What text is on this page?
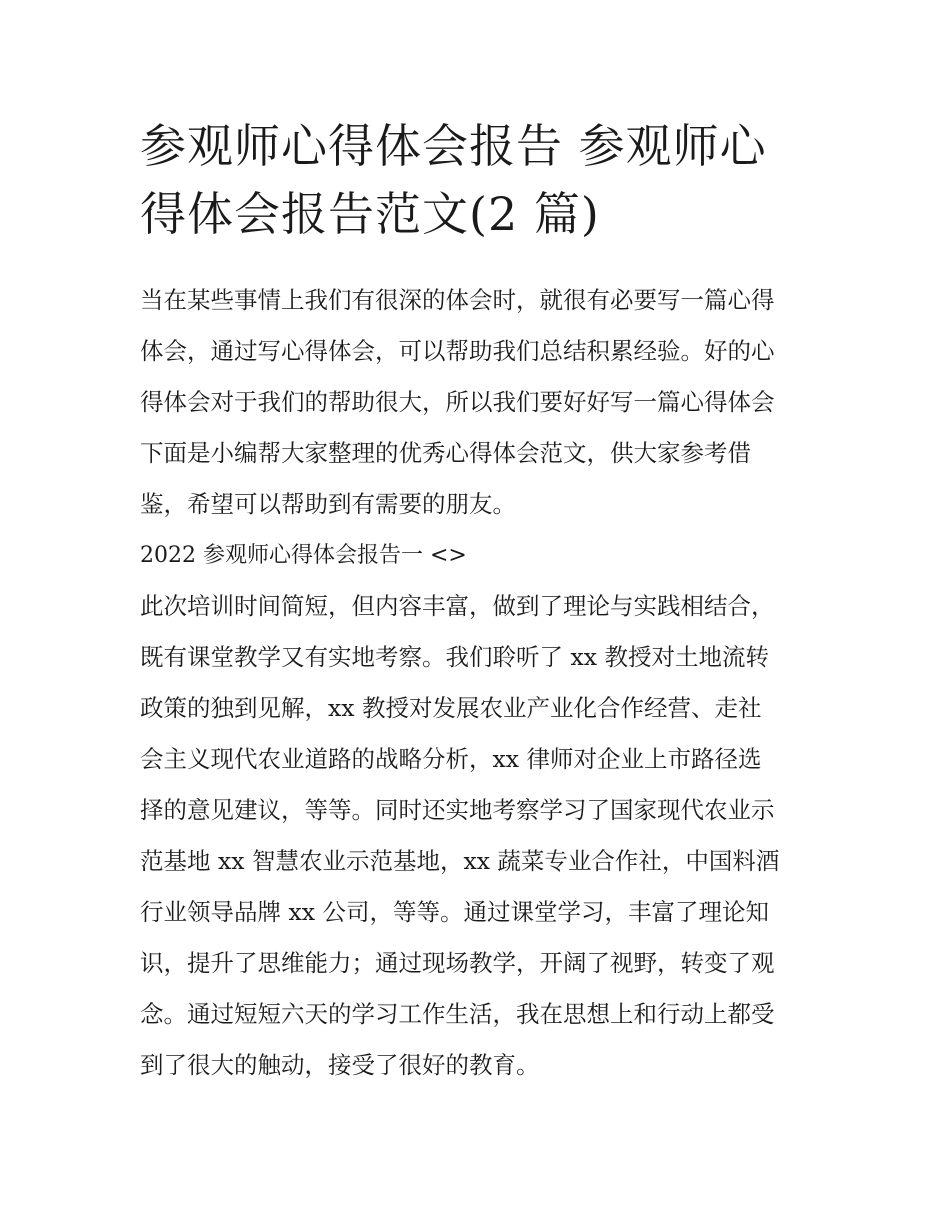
参观师心得体会报告 参观师心
得体会报告范文(2 篇)

当在某些事情上我们有很深的体会时，就很有必要写一篇心得
体会，通过写心得体会，可以帮助我们总结积累经验。好的心
得体会对于我们的帮助很大，所以我们要好好写一篇心得体会
下面是小编帮大家整理的优秀心得体会范文，供大家参考借
鉴，希望可以帮助到有需要的朋友。

2022 参观师心得体会报告一 <>

此次培训时间简短，但内容丰富，做到了理论与实践相结合，
既有课堂教学又有实地考察。我们聆听了 xx 教授对土地流转
政策的独到见解，xx 教授对发展农业产业化合作经营、走社
会主义现代农业道路的战略分析，xx 律师对企业上市路径选
择的意见建议，等等。同时还实地考察学习了国家现代农业示
范基地 xx 智慧农业示范基地，xx 蔬菜专业合作社，中国料酒
行业领导品牌 xx 公司，等等。通过课堂学习，丰富了理论知
识，提升了思维能力；通过现场教学，开阔了视野，转变了观
念。通过短短六天的学习工作生活，我在思想上和行动上都受
到了很大的触动，接受了很好的教育。
